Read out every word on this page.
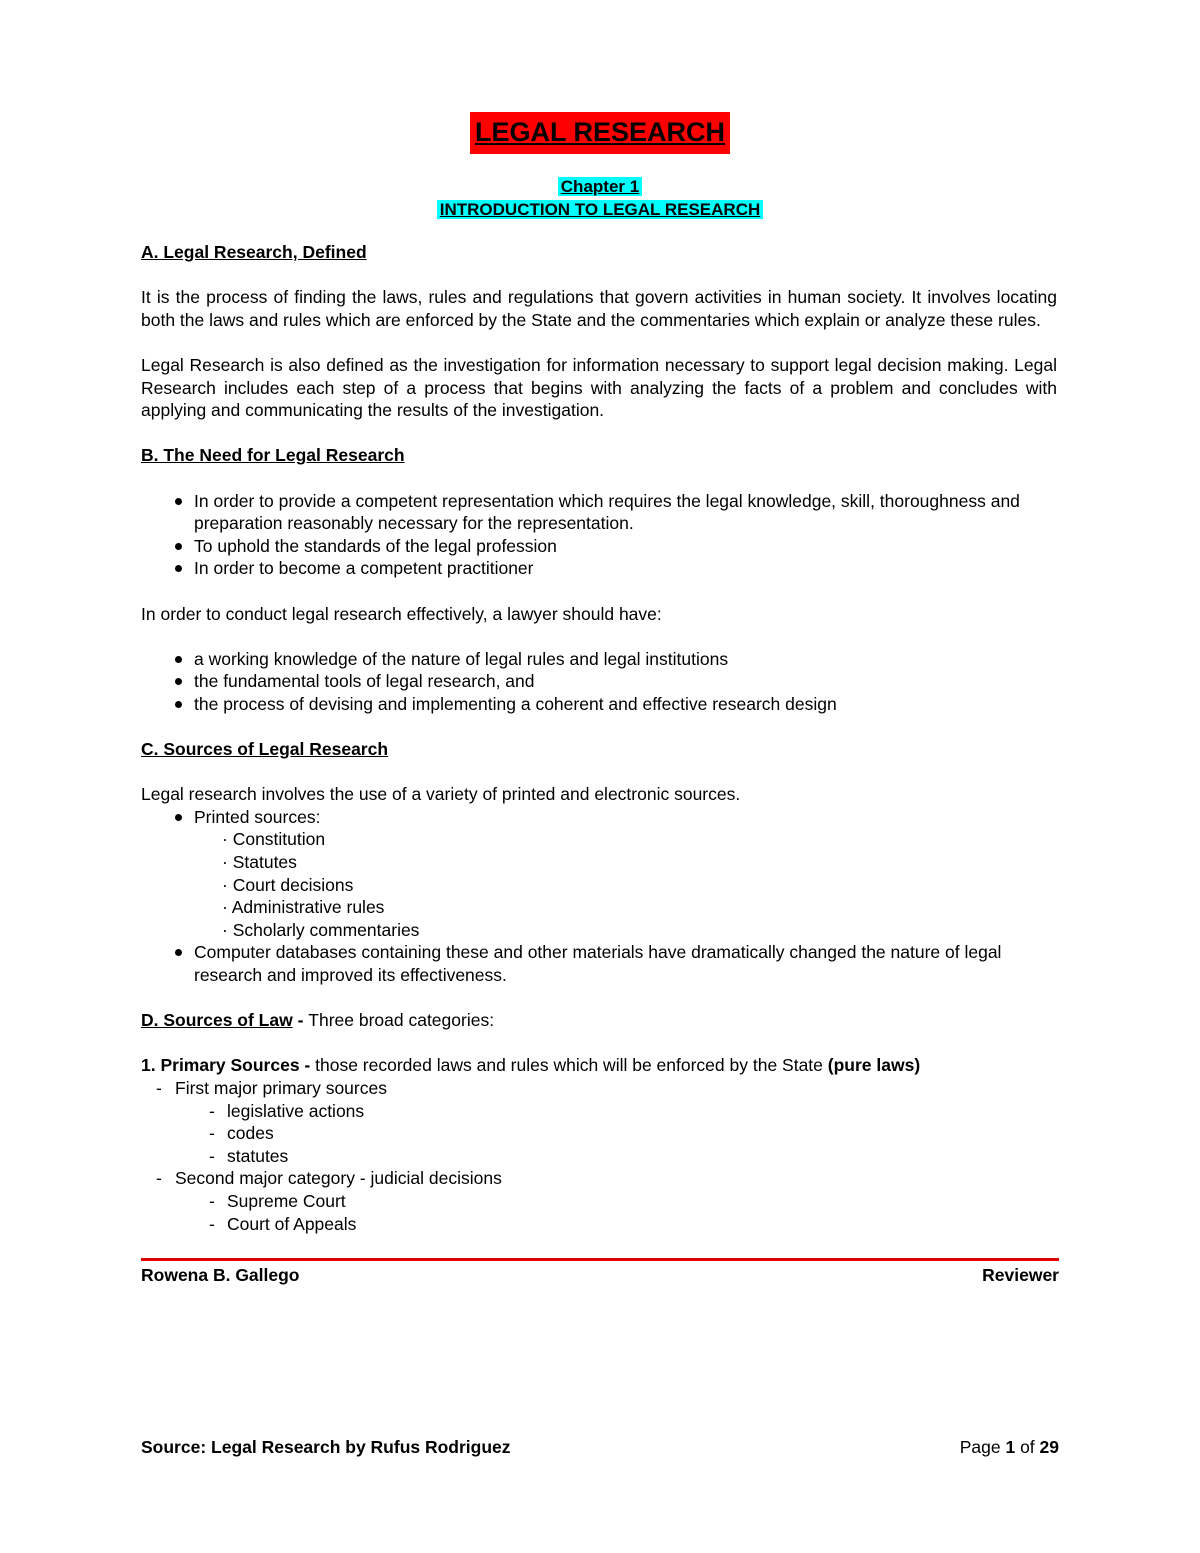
LEGAL RESEARCH
Chapter 1
INTRODUCTION TO LEGAL RESEARCH

A. Legal Research, Defined

It is the process of finding the laws, rules and regulations that govern activities in human society. It involves locating both the laws and rules which are enforced by the State and the commentaries which explain or analyze these rules.

Legal Research is also defined as the investigation for information necessary to support legal decision making. Legal Research includes each step of a process that begins with analyzing the facts of a problem and concludes with applying and communicating the results of the investigation.

B. The Need for Legal Research

In order to provide a competent representation which requires the legal knowledge, skill, thoroughness and preparation reasonably necessary for the representation.
To uphold the standards of the legal profession
In order to become a competent practitioner

In order to conduct legal research effectively, a lawyer should have:

a working knowledge of the nature of legal rules and legal institutions
the fundamental tools of legal research, and
the process of devising and implementing a coherent and effective research design

C. Sources of Legal Research

Legal research involves the use of a variety of printed and electronic sources.

Printed sources:
· Constitution
· Statutes
· Court decisions
· Administrative rules
· Scholarly commentaries
Computer databases containing these and other materials have dramatically changed the nature of legal research and improved its effectiveness.

D. Sources of Law - Three broad categories:

1. Primary Sources - those recorded laws and rules which will be enforced by the State (pure laws)

- First major primary sources
- legislative actions
- codes
- statutes
- Second major category - judicial decisions
- Supreme Court
- Court of Appeals
Rowena B. Gallego	Reviewer
Source: Legal Research by Rufus Rodriguez	Page 1 of 29
